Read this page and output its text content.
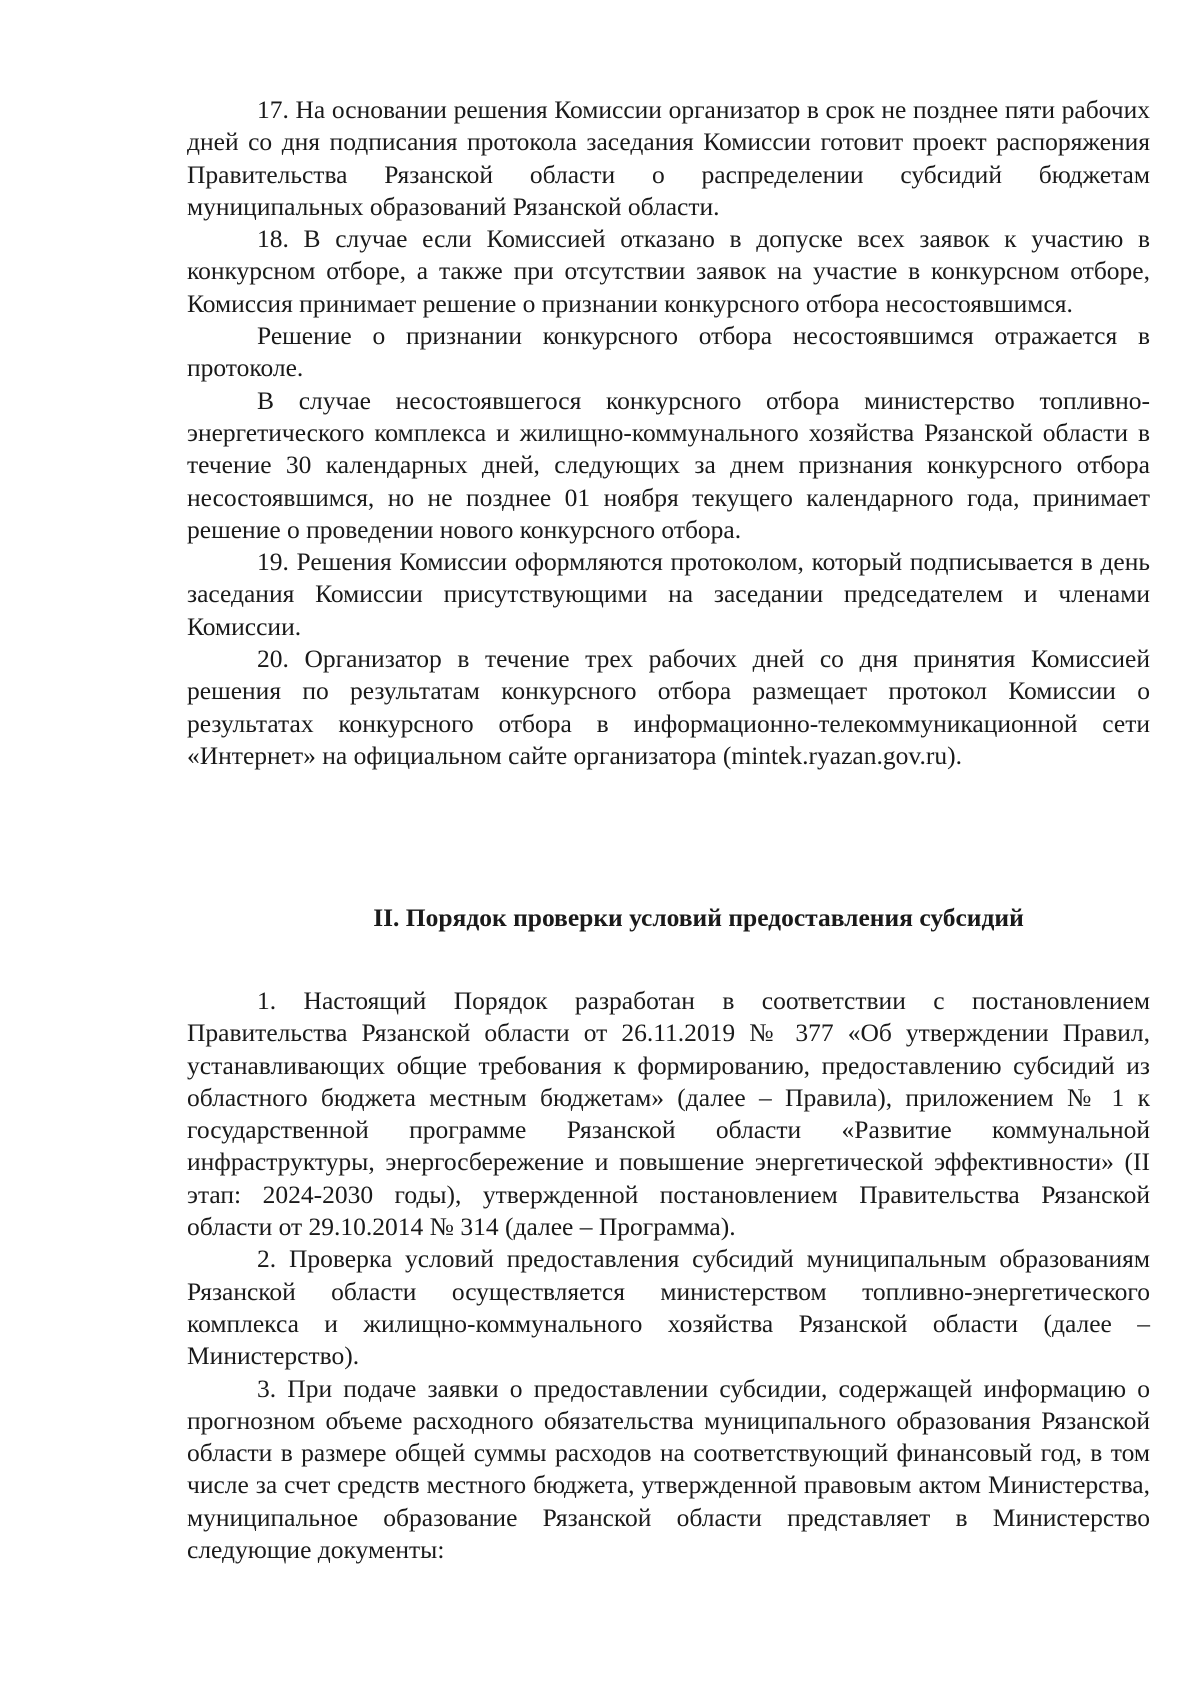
17. На основании решения Комиссии организатор в срок не позднее пяти рабочих дней со дня подписания протокола заседания Комиссии готовит проект распоряжения Правительства Рязанской области о распределении субсидий бюджетам муниципальных образований Рязанской области.

18. В случае если Комиссией отказано в допуске всех заявок к участию в конкурсном отборе, а также при отсутствии заявок на участие в конкурсном отборе, Комиссия принимает решение о признании конкурсного отбора несостоявшимся.

Решение о признании конкурсного отбора несостоявшимся отражается в протоколе.

В случае несостоявшегося конкурсного отбора министерство топливно-энергетического комплекса и жилищно-коммунального хозяйства Рязанской области в течение 30 календарных дней, следующих за днем признания конкурсного отбора несостоявшимся, но не позднее 01 ноября текущего календарного года, принимает решение о проведении нового конкурсного отбора.

19. Решения Комиссии оформляются протоколом, который подписывается в день заседания Комиссии присутствующими на заседании председателем и членами Комиссии.

20. Организатор в течение трех рабочих дней со дня принятия Комиссией решения по результатам конкурсного отбора размещает протокол Комиссии о результатах конкурсного отбора в информационно-телекоммуникационной сети «Интернет» на официальном сайте организатора (mintek.ryazan.gov.ru).

II. Порядок проверки условий предоставления субсидий

1. Настоящий Порядок разработан в соответствии с постановлением Правительства Рязанской области от 26.11.2019 № 377 «Об утверждении Правил, устанавливающих общие требования к формированию, предоставлению субсидий из областного бюджета местным бюджетам» (далее – Правила), приложением № 1 к государственной программе Рязанской области «Развитие коммунальной инфраструктуры, энергосбережение и повышение энергетической эффективности» (II этап: 2024-2030 годы), утвержденной постановлением Правительства Рязанской области от 29.10.2014 № 314 (далее – Программа).

2. Проверка условий предоставления субсидий муниципальным образованиям Рязанской области осуществляется министерством топливно-энергетического комплекса и жилищно-коммунального хозяйства Рязанской области (далее – Министерство).

3. При подаче заявки о предоставлении субсидии, содержащей информацию о прогнозном объеме расходного обязательства муниципального образования Рязанской области в размере общей суммы расходов на соответствующий финансовый год, в том числе за счет средств местного бюджета, утвержденной правовым актом Министерства, муниципальное образование Рязанской области представляет в Министерство следующие документы:
